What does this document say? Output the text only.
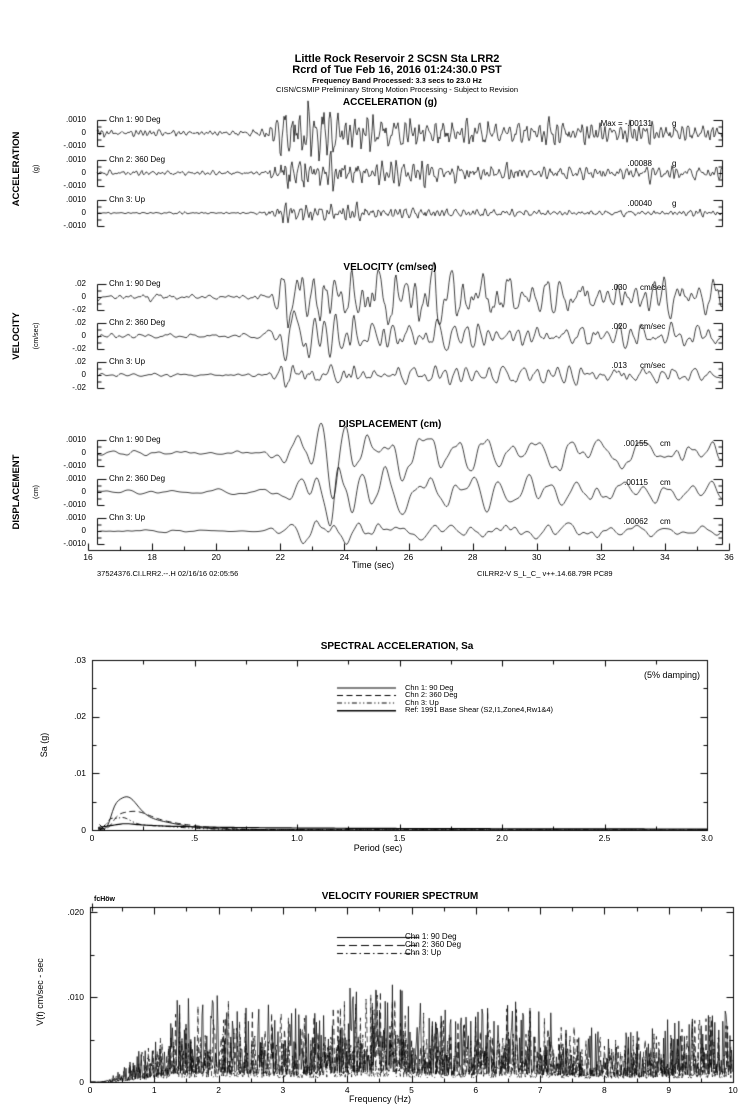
Little Rock Reservoir 2 SCSN Sta LRR2
Rcrd of Tue Feb 16, 2016 01:24:30.0 PST
Frequency Band Processed: 3.3 secs to 23.0 Hz
CISN/CSMIP Preliminary Strong Motion Processing - Subject to Revision
ACCELERATION (g)
VELOCITY (cm/sec)
DISPLACEMENT (cm)
SPECTRAL ACCELERATION, Sa
VELOCITY FOURIER SPECTRUM
ACCELERATION (g)
VELOCITY (cm/sec)
DISPLACEMENT (cm)
Sa (g)
V(f) cm/sec - sec
Time (sec)
Period (sec)
Frequency (Hz)
(5% damping)
fcHöw
37524376.CI.LRR2.--.H 02/16/16 02:05:56	CILRR2-V S_L_C_ v++.14.68.79R PC89
Chn 1: 90 Deg
.0010
0
-.0010
Max = -.00131	g
Chn 2: 360 Deg
.0010
0
-.0010
.00088	g
Chn 3: Up
.0010
0
-.0010
.00040	g
Chn 1: 90 Deg
.02
0
-.02
.030 cm/sec
Chn 2: 360 Deg
.02
0
-.02
.020 cm/sec
Chn 3: Up
.02
0
-.02
.013 cm/sec
Chn 1: 90 Deg
.0010
0
-.0010
.00155 cm
Chn 2: 360 Deg
.0010
0
-.0010
.00115 cm
Chn 3: Up
.0010
0
-.0010
.00062 cm
16	18	20	22	24	26	28	30	32	34	36
.03
.02
.01
0
0	.5	1.0	1.5	2.0	2.5	3.0
Chn 1: 90 Deg
Chn 2: 360 Deg
Chn 3: Up
Ref: 1991 Base Shear (S2,I1,Zone4,Rw1&4)
.020
.010
0
0	1	2	3	4	5	6	7	8	9	10
Chn 1: 90 Deg
Chn 2: 360 Deg
Chn 3: Up
